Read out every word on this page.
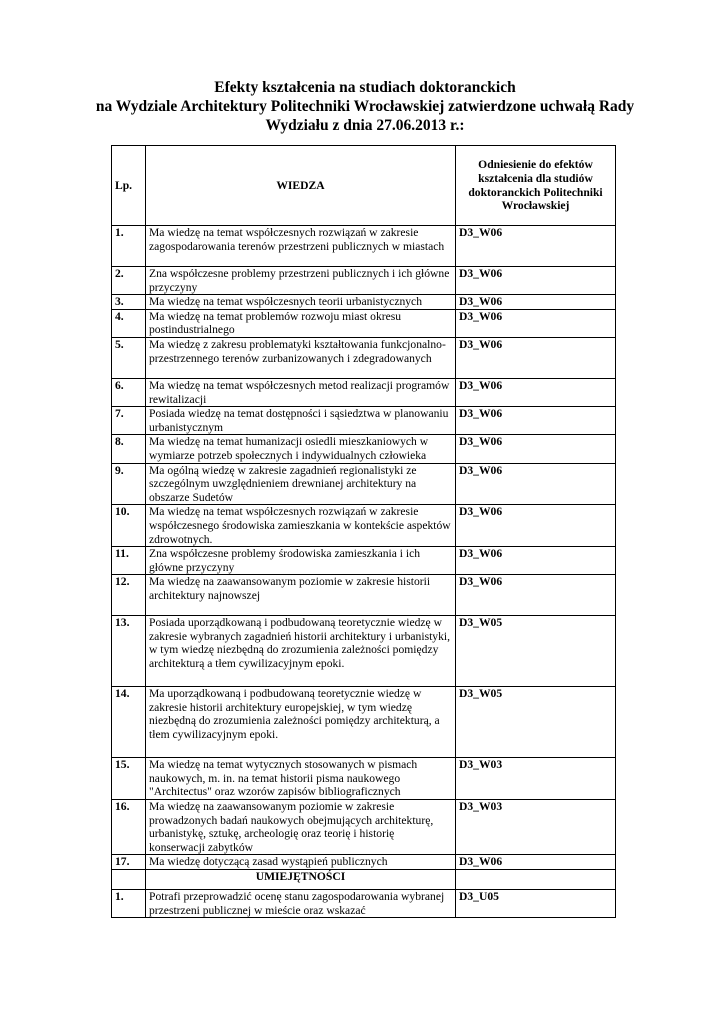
Efekty kształcenia na studiach doktoranckich
na Wydziale Architektury Politechniki Wrocławskiej zatwierdzone uchwałą Rady
Wydziału z dnia 27.06.2013 r.:
Lp.	WIEDZA	Odniesienie do efektów kształcenia dla studiów doktoranckich Politechniki Wrocławskiej
1.	Ma wiedzę na temat współczesnych rozwiązań w zakresie zagospodarowania terenów przestrzeni publicznych w miastach	D3_W06
2.	Zna współczesne problemy przestrzeni publicznych i ich główne przyczyny	D3_W06
3.	Ma wiedzę na temat współczesnych teorii urbanistycznych	D3_W06
4.	Ma wiedzę na temat problemów rozwoju miast okresu postindustrialnego	D3_W06
5.	Ma wiedzę z zakresu problematyki kształtowania funkcjonalno-przestrzennego terenów zurbanizowanych i zdegradowanych	D3_W06
6.	Ma wiedzę na temat współczesnych metod realizacji programów rewitalizacji	D3_W06
7.	Posiada wiedzę na temat dostępności i sąsiedztwa w planowaniu urbanistycznym	D3_W06
8.	Ma wiedzę na temat humanizacji osiedli mieszkaniowych w wymiarze potrzeb społecznych i indywidualnych człowieka	D3_W06
9.	Ma ogólną wiedzę w zakresie zagadnień regionalistyki ze szczególnym uwzględnieniem drewnianej architektury na obszarze Sudetów	D3_W06
10.	Ma wiedzę na temat współczesnych rozwiązań w zakresie współczesnego środowiska zamieszkania w kontekście aspektów zdrowotnych.	D3_W06
11.	Zna współczesne problemy środowiska zamieszkania i ich główne przyczyny	D3_W06
12.	Ma wiedzę na zaawansowanym poziomie w zakresie historii architektury najnowszej	D3_W06
13.	Posiada uporządkowaną i podbudowaną teoretycznie wiedzę w zakresie wybranych zagadnień historii architektury i urbanistyki, w tym wiedzę niezbędną do zrozumienia zależności pomiędzy architekturą a tłem cywilizacyjnym epoki.	D3_W05
14.	Ma uporządkowaną i podbudowaną teoretycznie wiedzę w zakresie historii architektury europejskiej, w tym wiedzę niezbędną do zrozumienia zależności pomiędzy architekturą, a tłem cywilizacyjnym epoki.	D3_W05
15.	Ma wiedzę na temat wytycznych stosowanych w pismach naukowych, m. in. na temat historii pisma naukowego "Architectus" oraz wzorów zapisów bibliograficznych	D3_W03
16.	Ma wiedzę na zaawansowanym poziomie w zakresie prowadzonych badań naukowych obejmujących architekturę, urbanistykę, sztukę, archeologię oraz teorię i historię konserwacji zabytków	D3_W03
17.	Ma wiedzę dotyczącą zasad wystąpień publicznych	D3_W06
	UMIEJĘTNOŚCI	
1.	Potrafi przeprowadzić ocenę stanu zagospodarowania wybranej przestrzeni publicznej w mieście oraz wskazać	D3_U05
